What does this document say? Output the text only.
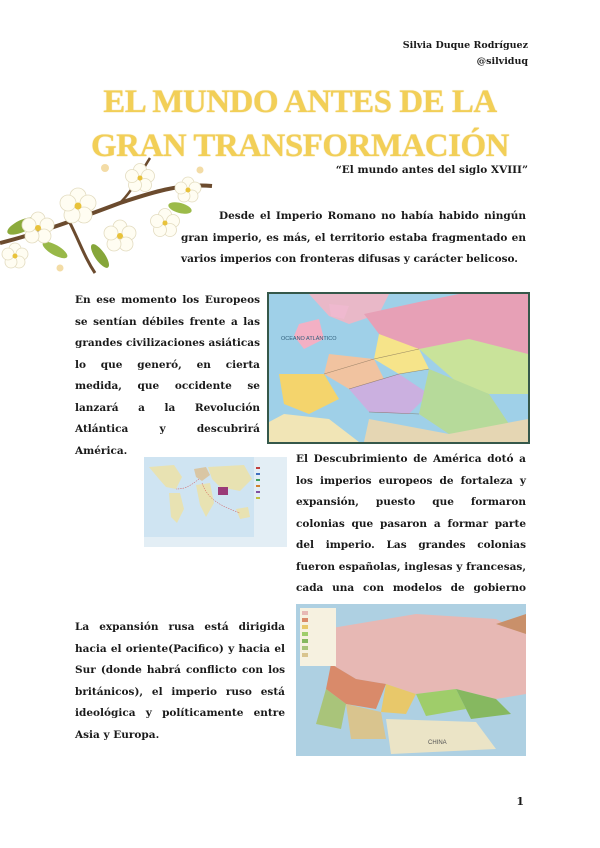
Silvia Duque Rodríguez
@silviduq
EL MUNDO ANTES DE LA
GRAN TRANSFORMACIÓN
“El mundo antes del siglo XVIII”
Desde el Imperio Romano no había habido ningún gran imperio, es más, el territorio estaba fragmentado en varios imperios con fronteras difusas y carácter belicoso.
En ese momento los Europeos se sentían débiles frente a las grandes civilizaciones asiáticas lo que generó, en cierta medida, que occidente se lanzará a la Revolución Atlántica y descubrirá América.
El Descubrimiento de América dotó a los imperios europeos de fortaleza y expansión, puesto que formaron colonias que pasaron a formar parte del imperio. Las grandes colonias fueron españolas, inglesas y francesas, cada una con modelos de gobierno
La expansión rusa está dirigida hacia el oriente(Pacifico) y hacia el Sur (donde habrá conflicto con los británicos), el imperio ruso está ideológica y políticamente entre Asia y Europa.
OCEANO ATLÁNTICO
CHINA
1
